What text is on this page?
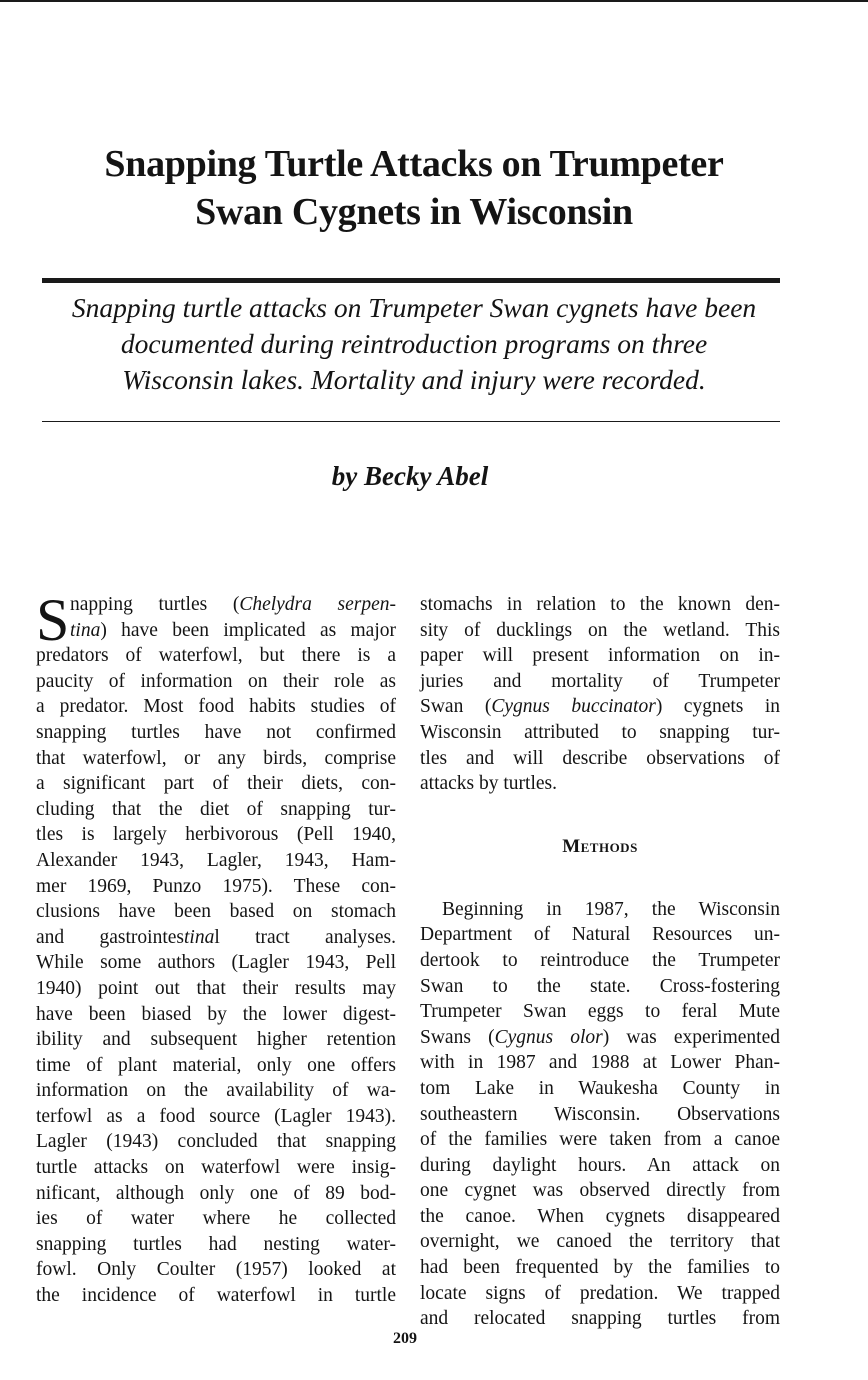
Snapping Turtle Attacks on Trumpeter
Swan Cygnets in Wisconsin

Snapping turtle attacks on Trumpeter Swan cygnets have been
documented during reintroduction programs on three
Wisconsin lakes. Mortality and injury were recorded.

by Becky Abel

S napping turtles (Chelydra serpen-
tina) have been implicated as major
predators of waterfowl, but there is a
paucity of information on their role as
a predator. Most food habits studies of
snapping turtles have not confirmed
that waterfowl, or any birds, comprise
a significant part of their diets, con-
cluding that the diet of snapping tur-
tles is largely herbivorous (Pell 1940,
Alexander 1943, Lagler, 1943, Ham-
mer 1969, Punzo 1975). These con-
clusions have been based on stomach
and gastrointestinal tract analyses.
While some authors (Lagler 1943, Pell
1940) point out that their results may
have been biased by the lower digest-
ibility and subsequent higher retention
time of plant material, only one offers
information on the availability of wa-
terfowl as a food source (Lagler 1943).
Lagler (1943) concluded that snapping
turtle attacks on waterfowl were insig-
nificant, although only one of 89 bod-
ies of water where he collected
snapping turtles had nesting water-
fowl. Only Coulter (1957) looked at
the incidence of waterfowl in turtle
stomachs in relation to the known den-
sity of ducklings on the wetland. This
paper will present information on in-
juries and mortality of Trumpeter
Swan (Cygnus buccinator) cygnets in
Wisconsin attributed to snapping tur-
tles and will describe observations of
attacks by turtles.
Methods
Beginning in 1987, the Wisconsin
Department of Natural Resources un-
dertook to reintroduce the Trumpeter
Swan to the state. Cross-fostering
Trumpeter Swan eggs to feral Mute
Swans (Cygnus olor) was experimented
with in 1987 and 1988 at Lower Phan-
tom Lake in Waukesha County in
southeastern Wisconsin. Observations
of the families were taken from a canoe
during daylight hours. An attack on
one cygnet was observed directly from
the canoe. When cygnets disappeared
overnight, we canoed the territory that
had been frequented by the families to
locate signs of predation. We trapped
and relocated snapping turtles from
209
